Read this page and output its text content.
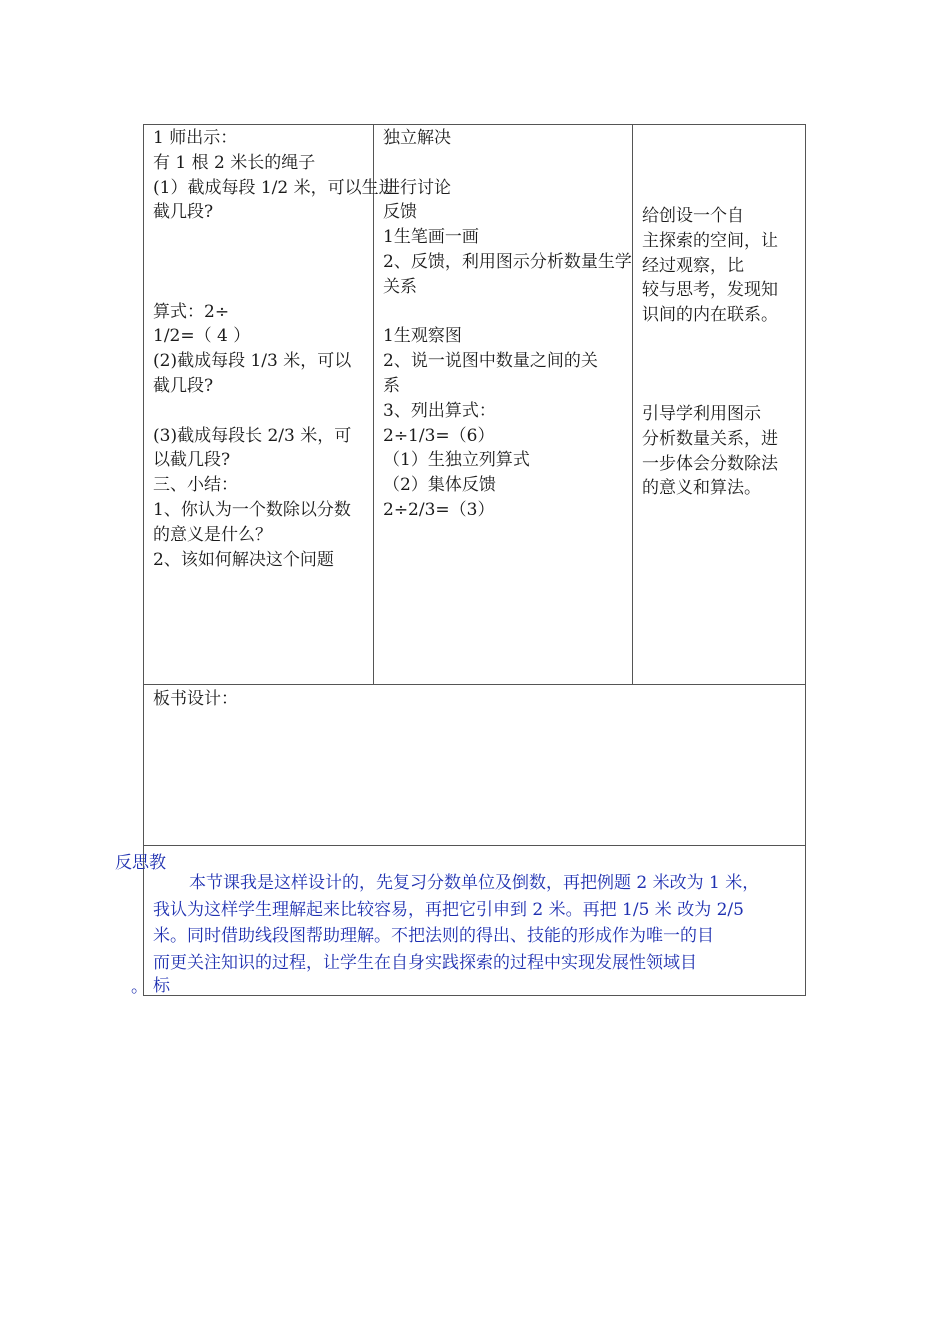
1 师出示：
有 1 根 2 米长的绳子
(1）截成每段 1/2 米，可以生进
截几段?
算式：2÷
1/2=（ 4 ）
(2)截成每段 1/3 米，可以
截几段?
(3)截成每段长 2/3 米，可
以截几段?
三、小结：
1、你认为一个数除以分数
的意义是什么？
2、该如何解决这个问题
独立解决
进行讨论
反馈
1生笔画一画
2、反馈，利用图示分析数量生学
关系
1生观察图
2、说一说图中数量之间的关
系
3、列出算式：
2÷1/3=（6）
（1）生独立列算式
（2）集体反馈
2÷2/3=（3）
给创设一个自
主探索的空间，让
经过观察，比
较与思考，发现知
识间的内在联系。
引导学利用图示
分析数量关系，进
一步体会分数除法
的意义和算法。
板书设计：
反思教
。
本节课我是这样设计的，先复习分数单位及倒数，再把例题 2 米改为 1 米，
我认为这样学生理解起来比较容易，再把它引申到 2 米。再把 1/5 米 改为 2/5
米。同时借助线段图帮助理解。不把法则的得出、技能的形成作为唯一的目
而更关注知识的过程，让学生在自身实践探索的过程中实现发展性领域目
标
